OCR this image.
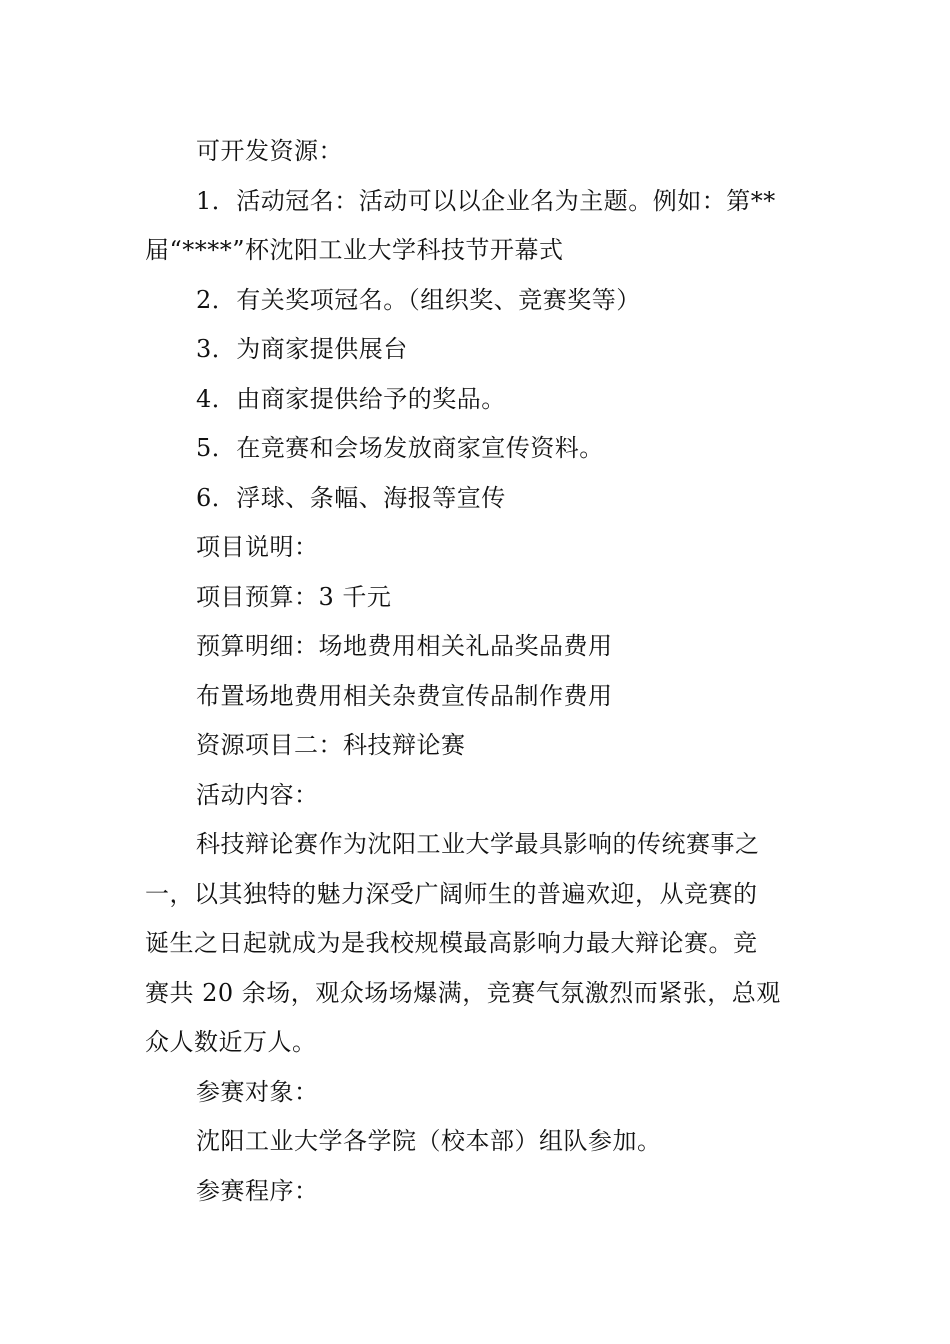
可开发资源：
1．活动冠名：活动可以以企业名为主题。例如：第**
届“****”杯沈阳工业大学科技节开幕式
2．有关奖项冠名。（组织奖、竞赛奖等）
3．为商家提供展台
4．由商家提供给予的奖品。
5．在竞赛和会场发放商家宣传资料。
6．浮球、条幅、海报等宣传
项目说明：
项目预算：3 千元
预算明细：场地费用相关礼品奖品费用
布置场地费用相关杂费宣传品制作费用
资源项目二：科技辩论赛
活动内容：
科技辩论赛作为沈阳工业大学最具影响的传统赛事之
一，以其独特的魅力深受广阔师生的普遍欢迎，从竞赛的
诞生之日起就成为是我校规模最高影响力最大辩论赛。竞
赛共 20 余场，观众场场爆满，竞赛气氛激烈而紧张，总观
众人数近万人。
参赛对象：
沈阳工业大学各学院（校本部）组队参加。
参赛程序：
